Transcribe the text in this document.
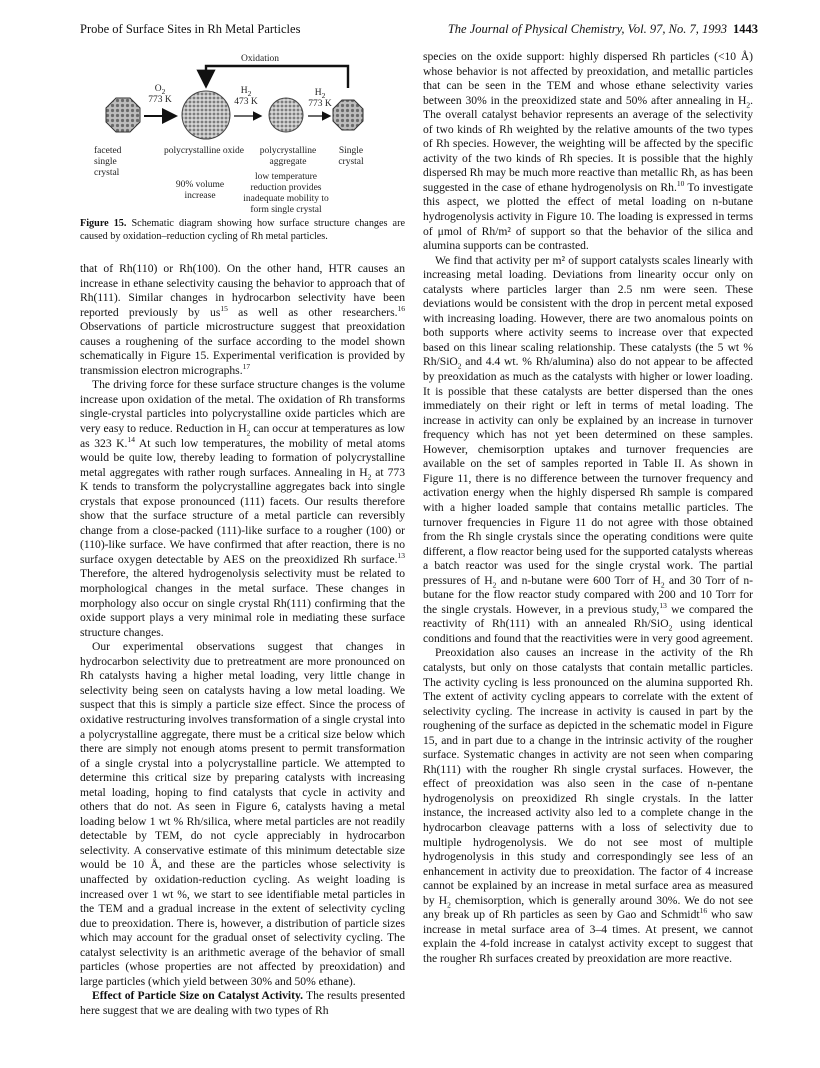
Probe of Surface Sites in Rh Metal Particles	The Journal of Physical Chemistry, Vol. 97, No. 7, 1993 1443
Oxidation
$O_2$
773 K
$H_2$
473 K
$H_2$
773 K
faceted single crystal
polycrystalline oxide	polycrystalline aggregate
Single crystal
90% volume increase
low temperature reduction provides inadequate mobility to form single crystal
Figure 15. Schematic diagram showing how surface structure changes are caused by oxidation–reduction cycling of Rh metal particles.

that of Rh(110) or Rh(100). On the other hand, HTR causes an increase in ethane selectivity causing the behavior to approach that of Rh(111). Similar changes in hydrocarbon selectivity have been reported previously by $us^{15}$ as well as other researchers.$^{16}$ Observations of particle microstructure suggest that preoxidation causes a roughening of the surface according to the model shown schematically in Figure 15. Experimental verification is provided by transmission electron micrographs.$^{17}$

The driving force for these surface structure changes is the volume increase upon oxidation of the metal. The oxidation of Rh transforms single-crystal particles into polycrystalline oxide particles which are very easy to reduce. Reduction in $H_2$ can occur at temperatures as low as 323 K.$^{14}$ At such low temperatures, the mobility of metal atoms would be quite low, thereby leading to formation of polycrystalline metal aggregates with rather rough surfaces. Annealing in $H_2$ at 773 K tends to transform the polycrystalline aggregates back into single crystals that expose pronounced (111) facets. Our results therefore show that the surface structure of a metal particle can reversibly change from a close-packed (111)-like surface to a rougher (100) or (110)-like surface. We have confirmed that after reaction, there is no surface oxygen detectable by AES on the preoxidized Rh surface.$^{13}$ Therefore, the altered hydrogenolysis selectivity must be related to morphological changes in the metal surface. These changes in morphology also occur on single crystal Rh(111) confirming that the oxide support plays a very minimal role in mediating these surface structure changes.

Our experimental observations suggest that changes in hydrocarbon selectivity due to pretreatment are more pronounced on Rh catalysts having a higher metal loading, very little change in selectivity being seen on catalysts having a low metal loading. We suspect that this is simply a particle size effect. Since the process of oxidative restructuring involves transformation of a single crystal into a polycrystalline aggregate, there must be a critical size below which there are simply not enough atoms present to permit transformation of a single crystal into a polycrystalline particle. We attempted to determine this critical size by preparing catalysts with increasing metal loading, hoping to find catalysts that cycle in activity and others that do not. As seen in Figure 6, catalysts having a metal loading below 1 wt % Rh/silica, where metal particles are not readily detectable by TEM, do not cycle appreciably in hydrocarbon selectivity. A conservative estimate of this minimum detectable size would be 10 Å, and these are the particles whose selectivity is unaffected by oxidation-reduction cycling. As weight loading is increased over 1 wt %, we start to see identifiable metal particles in the TEM and a gradual increase in the extent of selectivity cycling due to preoxidation. There is, however, a distribution of particle sizes which may account for the gradual onset of selectivity cycling. The catalyst selectivity is an arithmetic average of the behavior of small particles (whose properties are not affected by preoxidation) and large particles (which yield between 30% and 50% ethane).

Effect of Particle Size on Catalyst Activity. The results presented here suggest that we are dealing with two types of Rh

species on the oxide support: highly dispersed Rh particles (<10 Å) whose behavior is not affected by preoxidation, and metallic particles that can be seen in the TEM and whose ethane selectivity varies between 30% in the preoxidized state and 50% after annealing in $H_2$. The overall catalyst behavior represents an average of the selectivity of two kinds of Rh weighted by the relative amounts of the two types of Rh species. However, the weighting will be affected by the specific activity of the two kinds of Rh species. It is possible that the highly dispersed Rh may be much more reactive than metallic Rh, as has been suggested in the case of ethane hydrogenolysis on Rh.$^{10}$ To investigate this aspect, we plotted the effect of metal loading on n-butane hydrogenolysis activity in Figure 10. The loading is expressed in terms of μmol of Rh/m² of support so that the behavior of the silica and alumina supports can be contrasted.

We find that activity per m² of support catalysts scales linearly with increasing metal loading. Deviations from linearity occur only on catalysts where particles larger than 2.5 nm were seen. These deviations would be consistent with the drop in percent metal exposed with increasing loading. However, there are two anomalous points on both supports where activity seems to increase over that expected based on this linear scaling relationship. These catalysts (the 5 wt % Rh/SiO$_2$ and 4.4 wt. % Rh/alumina) also do not appear to be affected by preoxidation as much as the catalysts with higher or lower loading. It is possible that these catalysts are better dispersed than the ones immediately on their right or left in terms of metal loading. The increase in activity can only be explained by an increase in turnover frequency which has not yet been determined on these samples. However, chemisorption uptakes and turnover frequencies are available on the set of samples reported in Table II. As shown in Figure 11, there is no difference between the turnover frequency and activation energy when the highly dispersed Rh sample is compared with a higher loaded sample that contains metallic particles. The turnover frequencies in Figure 11 do not agree with those obtained from the Rh single crystals since the operating conditions were quite different, a flow reactor being used for the supported catalysts whereas a batch reactor was used for the single crystal work. The partial pressures of $H_2$ and n-butane were 600 Torr of $H_2$ and 30 Torr of n-butane for the flow reactor study compared with 200 and 10 Torr for the single crystals. However, in a previous study,$^{13}$ we compared the reactivity of Rh(111) with an annealed Rh/SiO$_2$ using identical conditions and found that the reactivities were in very good agreement.

Preoxidation also causes an increase in the activity of the Rh catalysts, but only on those catalysts that contain metallic particles. The activity cycling is less pronounced on the alumina supported Rh. The extent of activity cycling appears to correlate with the extent of selectivity cycling. The increase in activity is caused in part by the roughening of the surface as depicted in the schematic model in Figure 15, and in part due to a change in the intrinsic activity of the rougher surface. Systematic changes in activity are not seen when comparing Rh(111) with the rougher Rh single crystal surfaces. However, the effect of preoxidation was also seen in the case of n-pentane hydrogenolysis on preoxidized Rh single crystals. In the latter instance, the increased activity also led to a complete change in the hydrocarbon cleavage patterns with a loss of selectivity due to multiple hydrogenolysis. We do not see most of multiple hydrogenolysis in this study and correspondingly see less of an enhancement in activity due to preoxidation. The factor of 4 increase cannot be explained by an increase in metal surface area as measured by $H_2$ chemisorption, which is generally around 30%. We do not see any break up of Rh particles as seen by Gao and Schmidt$^{16}$ who saw increase in metal surface area of 3–4 times. At present, we cannot explain the 4-fold increase in catalyst activity except to suggest that the rougher Rh surfaces created by preoxidation are more reactive.
